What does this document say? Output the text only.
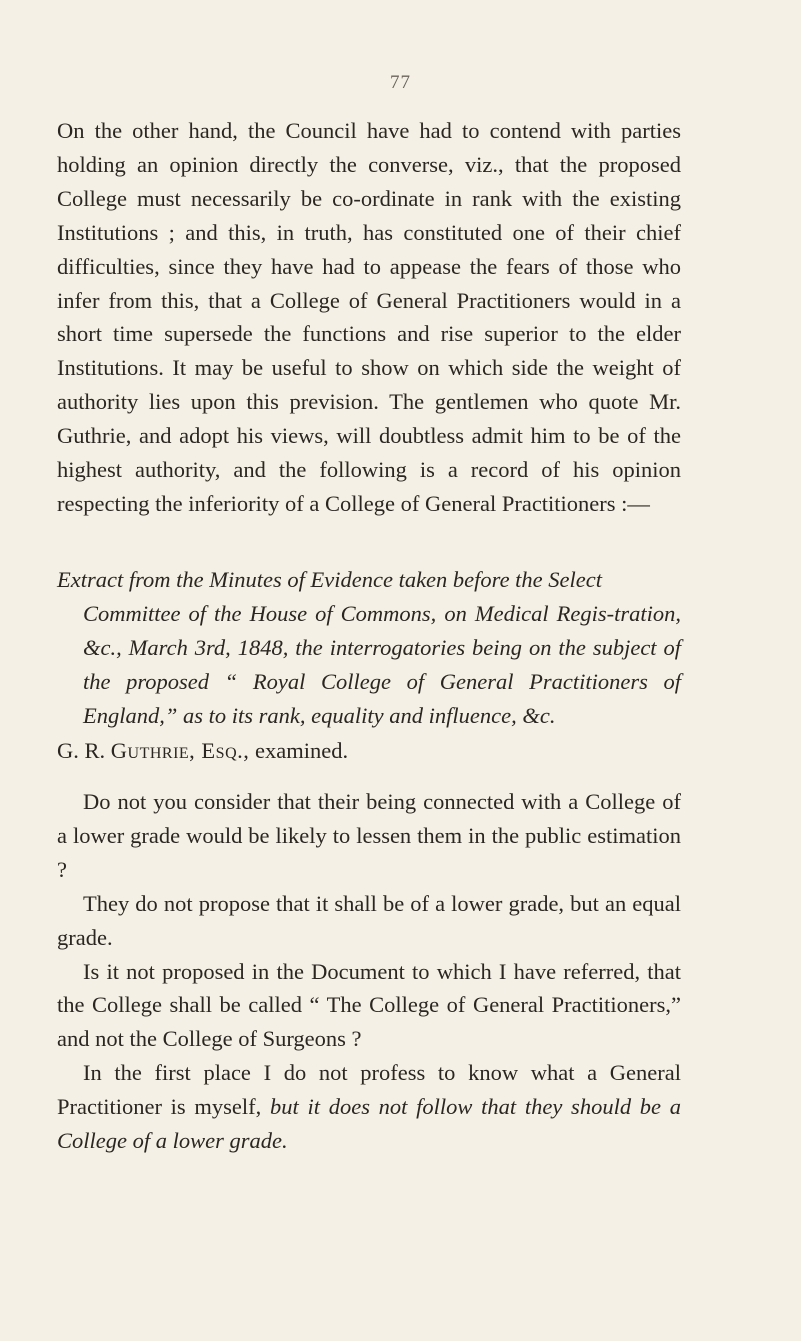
77

On the other hand, the Council have had to contend with parties holding an opinion directly the converse, viz., that the proposed College must necessarily be co-ordinate in rank with the existing Institutions ; and this, in truth, has constituted one of their chief difficulties, since they have had to appease the fears of those who infer from this, that a College of General Practitioners would in a short time supersede the functions and rise superior to the elder Institutions. It may be useful to show on which side the weight of authority lies upon this prevision. The gentlemen who quote Mr. Guthrie, and adopt his views, will doubtless admit him to be of the highest authority, and the following is a record of his opinion respecting the inferiority of a College of General Practitioners :—

Extract from the Minutes of Evidence taken before the Select
Committee of the House of Commons, on Medical Regis-tration, &c., March 3rd, 1848, the interrogatories being on the subject of the proposed “ Royal College of General Practitioners of England,” as to its rank, equality and influence, &c.
G. R. Guthrie, Esq., examined.

Do not you consider that their being connected with a College of a lower grade would be likely to lessen them in the public estimation ?

They do not propose that it shall be of a lower grade, but an equal grade.

Is it not proposed in the Document to which I have referred, that the College shall be called “ The College of General Practitioners,” and not the College of Surgeons ?

In the first place I do not profess to know what a General Practitioner is myself, but it does not follow that they should be a College of a lower grade.
